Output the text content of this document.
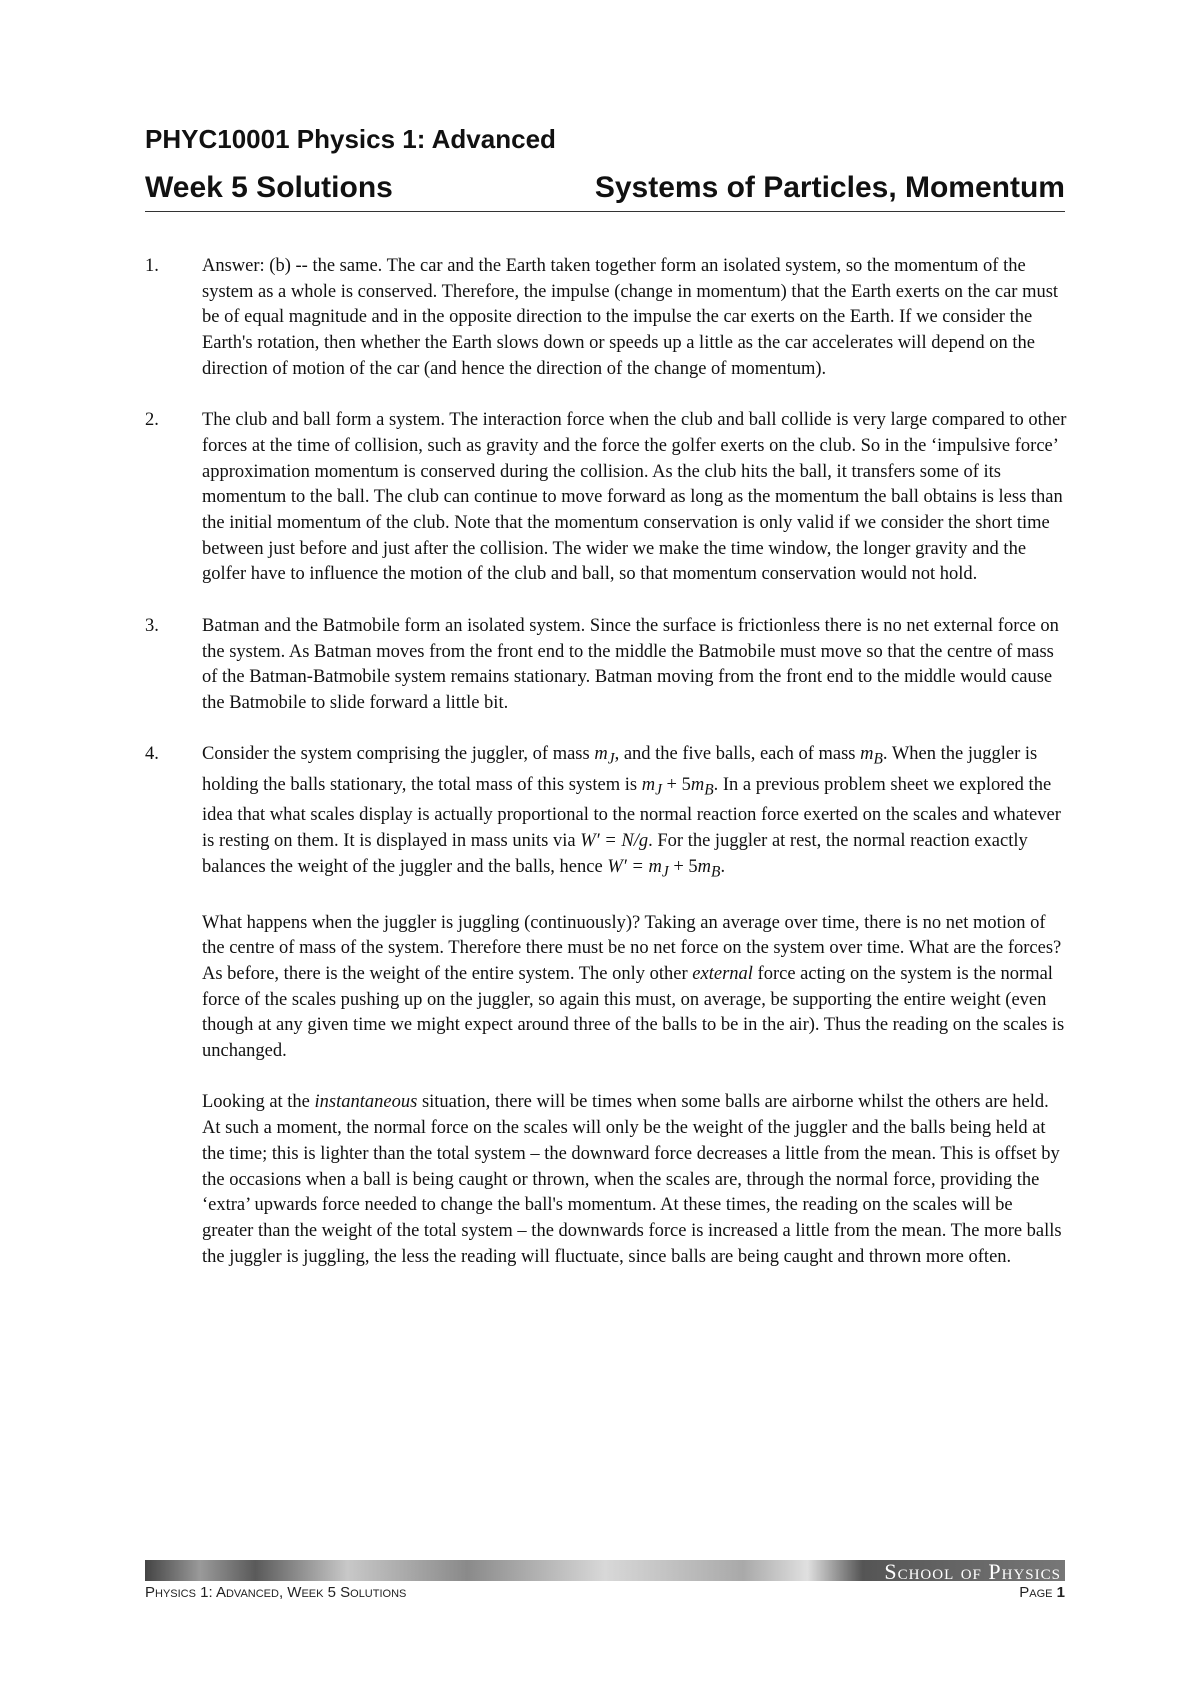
PHYC10001 Physics 1: Advanced
Week 5 Solutions	Systems of Particles, Momentum
1. Answer: (b) -- the same. The car and the Earth taken together form an isolated system, so the momentum of the system as a whole is conserved. Therefore, the impulse (change in momentum) that the Earth exerts on the car must be of equal magnitude and in the opposite direction to the impulse the car exerts on the Earth. If we consider the Earth's rotation, then whether the Earth slows down or speeds up a little as the car accelerates will depend on the direction of motion of the car (and hence the direction of the change of momentum).

2. The club and ball form a system. The interaction force when the club and ball collide is very large compared to other forces at the time of collision, such as gravity and the force the golfer exerts on the club. So in the ‘impulsive force’ approximation momentum is conserved during the collision. As the club hits the ball, it transfers some of its momentum to the ball. The club can continue to move forward as long as the momentum the ball obtains is less than the initial momentum of the club. Note that the momentum conservation is only valid if we consider the short time between just before and just after the collision. The wider we make the time window, the longer gravity and the golfer have to influence the motion of the club and ball, so that momentum conservation would not hold.

3. Batman and the Batmobile form an isolated system. Since the surface is frictionless there is no net external force on the system. As Batman moves from the front end to the middle the Batmobile must move so that the centre of mass of the Batman-Batmobile system remains stationary. Batman moving from the front end to the middle would cause the Batmobile to slide forward a little bit.

4. Consider the system comprising the juggler, of mass $m_J$, and the five balls, each of mass $m_B$. When the juggler is holding the balls stationary, the total mass of this system is $m_J + 5m_B$. In a previous problem sheet we explored the idea that what scales display is actually proportional to the normal reaction force exerted on the scales and whatever is resting on them. It is displayed in mass units via W′ = N/g. For the juggler at rest, the normal reaction exactly balances the weight of the juggler and the balls, hence $W' = m_J + 5m_B$.

What happens when the juggler is juggling (continuously)? Taking an average over time, there is no net motion of the centre of mass of the system. Therefore there must be no net force on the system over time. What are the forces? As before, there is the weight of the entire system. The only other external force acting on the system is the normal force of the scales pushing up on the juggler, so again this must, on average, be supporting the entire weight (even though at any given time we might expect around three of the balls to be in the air). Thus the reading on the scales is unchanged.

Looking at the instantaneous situation, there will be times when some balls are airborne whilst the others are held. At such a moment, the normal force on the scales will only be the weight of the juggler and the balls being held at the time; this is lighter than the total system – the downward force decreases a little from the mean. This is offset by the occasions when a ball is being caught or thrown, when the scales are, through the normal force, providing the ‘extra’ upwards force needed to change the ball's momentum. At these times, the reading on the scales will be greater than the weight of the total system – the downwards force is increased a little from the mean. The more balls the juggler is juggling, the less the reading will fluctuate, since balls are being caught and thrown more often.

School of Physics
Physics 1: Advanced, Week 5 Solutions	Page 1
